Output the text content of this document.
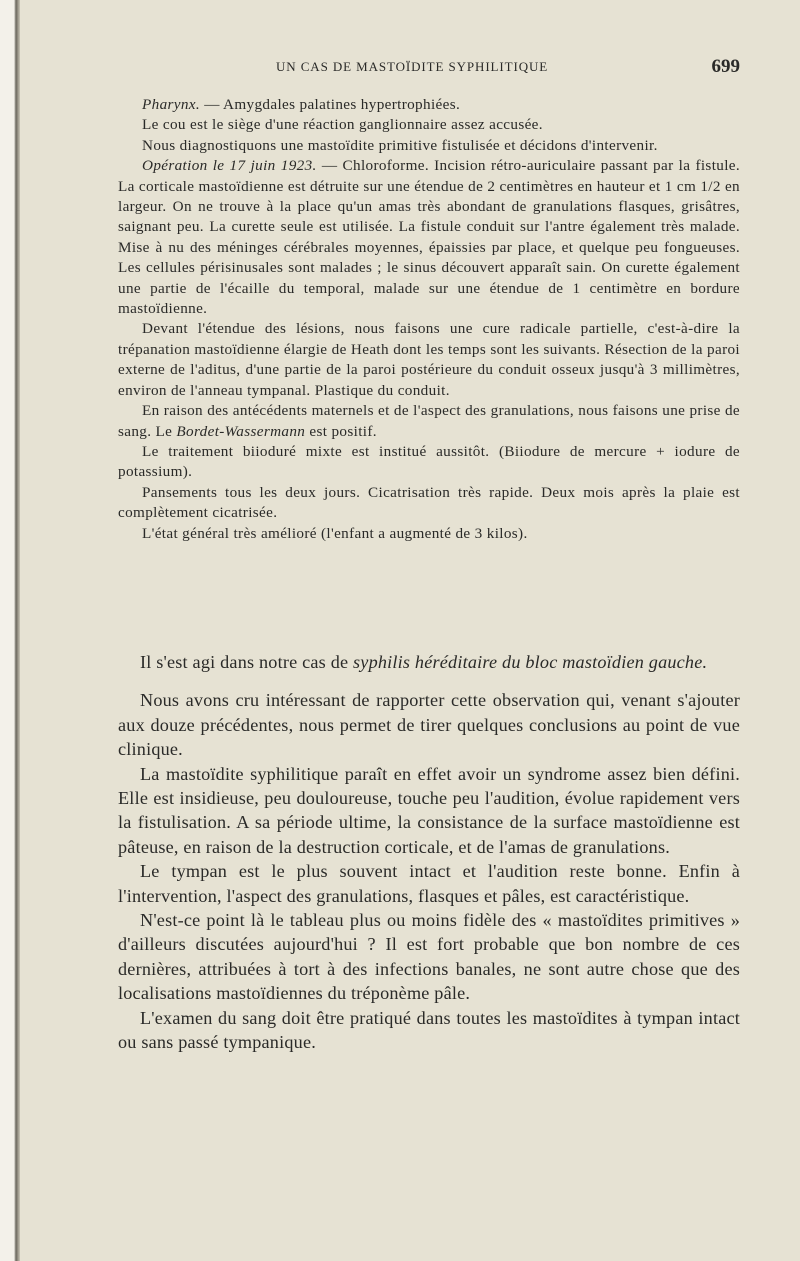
UN CAS DE MASTOÏDITE SYPHILITIQUE	699

Pharynx. — Amygdales palatines hypertrophiées.

Le cou est le siège d'une réaction ganglionnaire assez accusée.

Nous diagnostiquons une mastoïdite primitive fistulisée et décidons d'intervenir.

Opération le 17 juin 1923. — Chloroforme. Incision rétro-auriculaire passant par la fistule. La corticale mastoïdienne est détruite sur une étendue de 2 centimètres en hauteur et 1 cm 1/2 en largeur. On ne trouve à la place qu'un amas très abondant de granulations flasques, grisâtres, saignant peu. La curette seule est utilisée. La fistule conduit sur l'antre également très malade. Mise à nu des méninges cérébrales moyennes, épaissies par place, et quelque peu fongueuses. Les cellules périsinusales sont malades ; le sinus découvert apparaît sain. On curette également une partie de l'écaille du temporal, malade sur une étendue de 1 centimètre en bordure mastoïdienne.

Devant l'étendue des lésions, nous faisons une cure radicale partielle, c'est-à-dire la trépanation mastoïdienne élargie de Heath dont les temps sont les suivants. Résection de la paroi externe de l'aditus, d'une partie de la paroi postérieure du conduit osseux jusqu'à 3 millimètres, environ de l'anneau tympanal. Plastique du conduit.

En raison des antécédents maternels et de l'aspect des granulations, nous faisons une prise de sang. Le Bordet-Wassermann est positif.

Le traitement biioduré mixte est institué aussitôt. (Biiodure de mercure + iodure de potassium).

Pansements tous les deux jours. Cicatrisation très rapide. Deux mois après la plaie est complètement cicatrisée.

L'état général très amélioré (l'enfant a augmenté de 3 kilos).

Il s'est agi dans notre cas de syphilis héréditaire du bloc mastoïdien gauche.

Nous avons cru intéressant de rapporter cette observation qui, venant s'ajouter aux douze précédentes, nous permet de tirer quelques conclusions au point de vue clinique.

La mastoïdite syphilitique paraît en effet avoir un syndrome assez bien défini. Elle est insidieuse, peu douloureuse, touche peu l'audition, évolue rapidement vers la fistulisation. A sa période ultime, la consistance de la surface mastoïdienne est pâteuse, en raison de la destruction corticale, et de l'amas de granulations.

Le tympan est le plus souvent intact et l'audition reste bonne. Enfin à l'intervention, l'aspect des granulations, flasques et pâles, est caractéristique.

N'est-ce point là le tableau plus ou moins fidèle des « mastoïdites primitives » d'ailleurs discutées aujourd'hui ? Il est fort probable que bon nombre de ces dernières, attribuées à tort à des infections banales, ne sont autre chose que des localisations mastoïdiennes du tréponème pâle.

L'examen du sang doit être pratiqué dans toutes les mastoïdites à tympan intact ou sans passé tympanique.
